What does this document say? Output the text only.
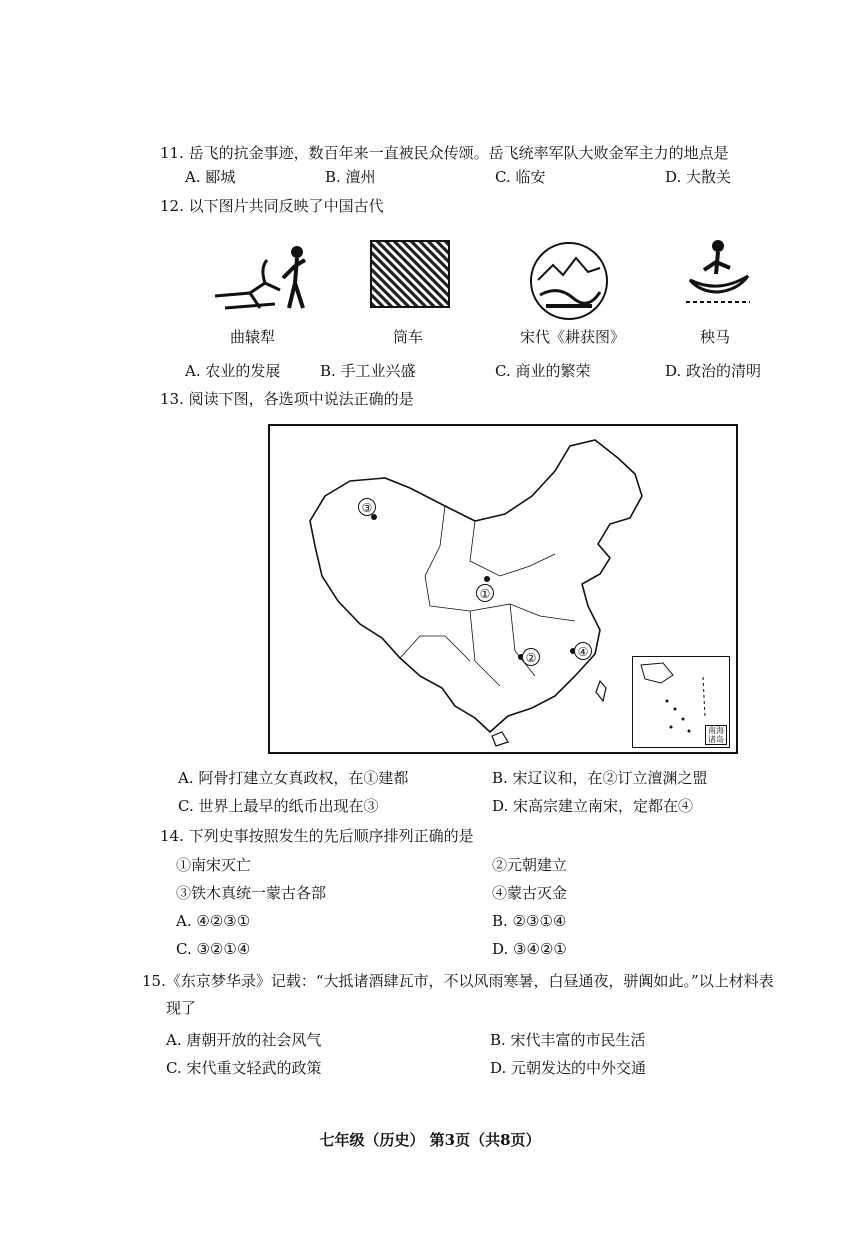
11. 岳飞的抗金事迹，数百年来一直被民众传颂。岳飞统率军队大败金军主力的地点是
A. 郾城	B. 澶州	C. 临安	D. 大散关
12. 以下图片共同反映了中国古代
曲辕犁	筒车	宋代《耕获图》	秧马
A. 农业的发展	B. 手工业兴盛	C. 商业的繁荣	D. 政治的清明
13. 阅读下图，各选项中说法正确的是
③
①
②	④
南海诸岛
A. 阿骨打建立女真政权，在①建都	B. 宋辽议和，在②订立澶渊之盟
C. 世界上最早的纸币出现在③	D. 宋高宗建立南宋，定都在④
14. 下列史事按照发生的先后顺序排列正确的是
①南宋灭亡	②元朝建立
③铁木真统一蒙古各部	④蒙古灭金
A. ④②③①	B. ②③①④
C. ③②①④	D. ③④②①
15.《东京梦华录》记载：“大抵诸酒肆瓦市，不以风雨寒暑，白昼通夜，骈阗如此。”以上材料表
现了
A. 唐朝开放的社会风气	B. 宋代丰富的市民生活
C. 宋代重文轻武的政策	D. 元朝发达的中外交通
七年级（历史） 第3页（共8页）
